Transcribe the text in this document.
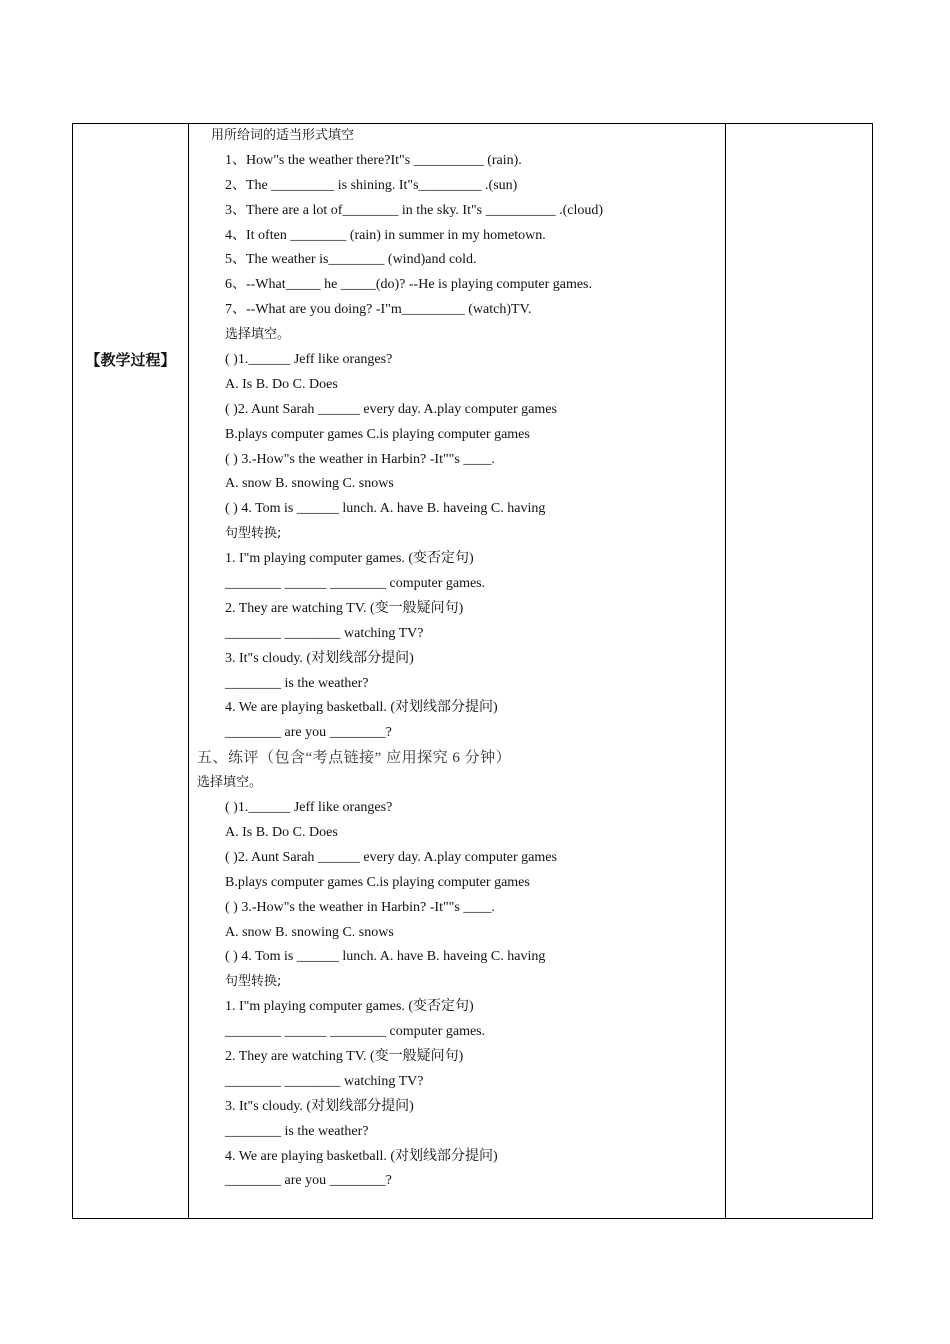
【教学过程】
用所给词的适当形式填空
1、How"s the weather there?It"s __________ (rain).
2、The _________ is shining. It"s_________ .(sun)
3、There are a lot of________ in the sky. It"s __________ .(cloud)
4、It often ________ (rain) in summer in my hometown.
5、The weather is________ (wind)and cold.
6、--What_____ he _____(do)? --He is playing computer games.
7、--What are you doing? -I"m_________ (watch)TV.
选择填空。
( )1.______ Jeff like oranges?
A. Is B. Do C. Does
( )2. Aunt Sarah ______ every day. A.play computer games
B.plays computer games C.is playing computer games
( ) 3.-How"s the weather in Harbin? -It""s ____.
A. snow B. snowing C. snows
( ) 4. Tom is ______ lunch. A. have B. haveing C. having
句型转换;
1. I"m playing computer games. (变否定句)
________ ______ ________ computer games.
2. They are watching TV. (变一般疑问句)
________ ________ watching TV?
3. It"s cloudy. (对划线部分提问)
________ is the weather?
4. We are playing basketball. (对划线部分提问)
________ are you ________?
五、练评（包含“考点链接” 应用探究 6 分钟）
选择填空。
( )1.______ Jeff like oranges?
A. Is B. Do C. Does
( )2. Aunt Sarah ______ every day. A.play computer games
B.plays computer games C.is playing computer games
( ) 3.-How"s the weather in Harbin? -It""s ____.
A. snow B. snowing C. snows
( ) 4. Tom is ______ lunch. A. have B. haveing C. having
句型转换;
1. I"m playing computer games. (变否定句)
________ ______ ________ computer games.
2. They are watching TV. (变一般疑问句)
________ ________ watching TV?
3. It"s cloudy. (对划线部分提问)
________ is the weather?
4. We are playing basketball. (对划线部分提问)
________ are you ________?
